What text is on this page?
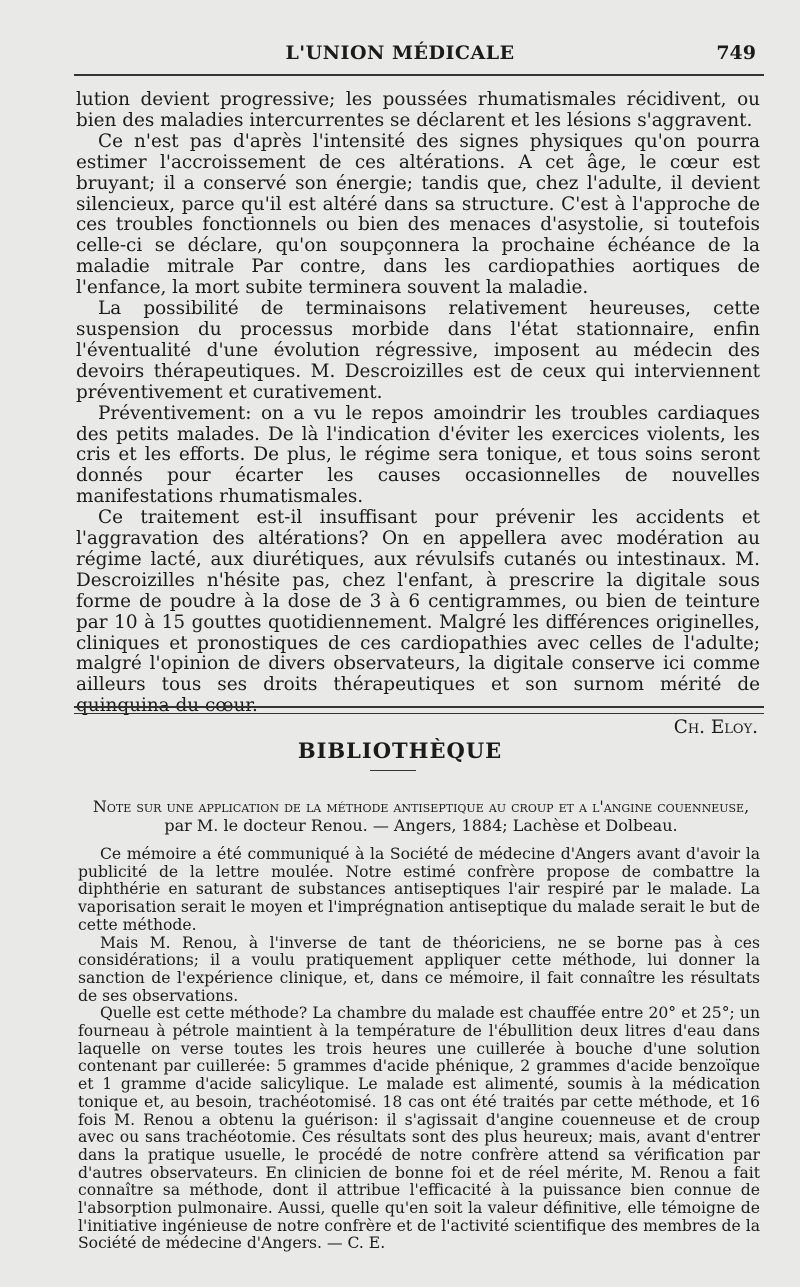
L'UNION MÉDICALE	749

lution devient progressive; les poussées rhumatismales récidivent, ou bien des maladies intercurrentes se déclarent et les lésions s'aggravent.

Ce n'est pas d'après l'intensité des signes physiques qu'on pourra estimer l'accroissement de ces altérations. A cet âge, le cœur est bruyant; il a conservé son énergie; tandis que, chez l'adulte, il devient silencieux, parce qu'il est altéré dans sa structure. C'est à l'approche de ces troubles fonctionnels ou bien des menaces d'asystolie, si toutefois celle-ci se déclare, qu'on soupçonnera la prochaine échéance de la maladie mitrale Par contre, dans les cardiopathies aortiques de l'enfance, la mort subite terminera souvent la maladie.

La possibilité de terminaisons relativement heureuses, cette suspension du processus morbide dans l'état stationnaire, enfin l'éventualité d'une évolution régressive, imposent au médecin des devoirs thérapeutiques. M. Descroizilles est de ceux qui interviennent préventivement et curativement.

Préventivement: on a vu le repos amoindrir les troubles cardiaques des petits malades. De là l'indication d'éviter les exercices violents, les cris et les efforts. De plus, le régime sera tonique, et tous soins seront donnés pour écarter les causes occasionnelles de nouvelles manifestations rhumatismales.

Ce traitement est-il insuffisant pour prévenir les accidents et l'aggravation des altérations? On en appellera avec modération au régime lacté, aux diurétiques, aux révulsifs cutanés ou intestinaux. M. Descroizilles n'hésite pas, chez l'enfant, à prescrire la digitale sous forme de poudre à la dose de 3 à 6 centigrammes, ou bien de teinture par 10 à 15 gouttes quotidiennement. Malgré les différences originelles, cliniques et pronostiques de ces cardiopathies avec celles de l'adulte; malgré l'opinion de divers observateurs, la digitale conserve ici comme ailleurs tous ses droits thérapeutiques et son surnom mérité de quinquina du cœur.

Ch. Eloy.

BIBLIOTHÈQUE
Note sur une application de la méthode antiseptique au croup et a l'angine couenneuse,
par M. le docteur Renou. — Angers, 1884; Lachèse et Dolbeau.

Ce mémoire a été communiqué à la Société de médecine d'Angers avant d'avoir la publicité de la lettre moulée. Notre estimé confrère propose de combattre la diphthérie en saturant de substances antiseptiques l'air respiré par le malade. La vaporisation serait le moyen et l'imprégnation antiseptique du malade serait le but de cette méthode.

Mais M. Renou, à l'inverse de tant de théoriciens, ne se borne pas à ces considérations; il a voulu pratiquement appliquer cette méthode, lui donner la sanction de l'expérience clinique, et, dans ce mémoire, il fait connaître les résultats de ses observations.

Quelle est cette méthode? La chambre du malade est chauffée entre 20° et 25°; un fourneau à pétrole maintient à la température de l'ébullition deux litres d'eau dans laquelle on verse toutes les trois heures une cuillerée à bouche d'une solution contenant par cuillerée: 5 grammes d'acide phénique, 2 grammes d'acide benzoïque et 1 gramme d'acide salicylique. Le malade est alimenté, soumis à la médication tonique et, au besoin, trachéotomisé. 18 cas ont été traités par cette méthode, et 16 fois M. Renou a obtenu la guérison: il s'agissait d'angine couenneuse et de croup avec ou sans trachéotomie. Ces résultats sont des plus heureux; mais, avant d'entrer dans la pratique usuelle, le procédé de notre confrère attend sa vérification par d'autres observateurs. En clinicien de bonne foi et de réel mérite, M. Renou a fait connaître sa méthode, dont il attribue l'efficacité à la puissance bien connue de l'absorption pulmonaire. Aussi, quelle qu'en soit la valeur définitive, elle témoigne de l'initiative ingénieuse de notre confrère et de l'activité scientifique des membres de la Société de médecine d'Angers. — C. E.
